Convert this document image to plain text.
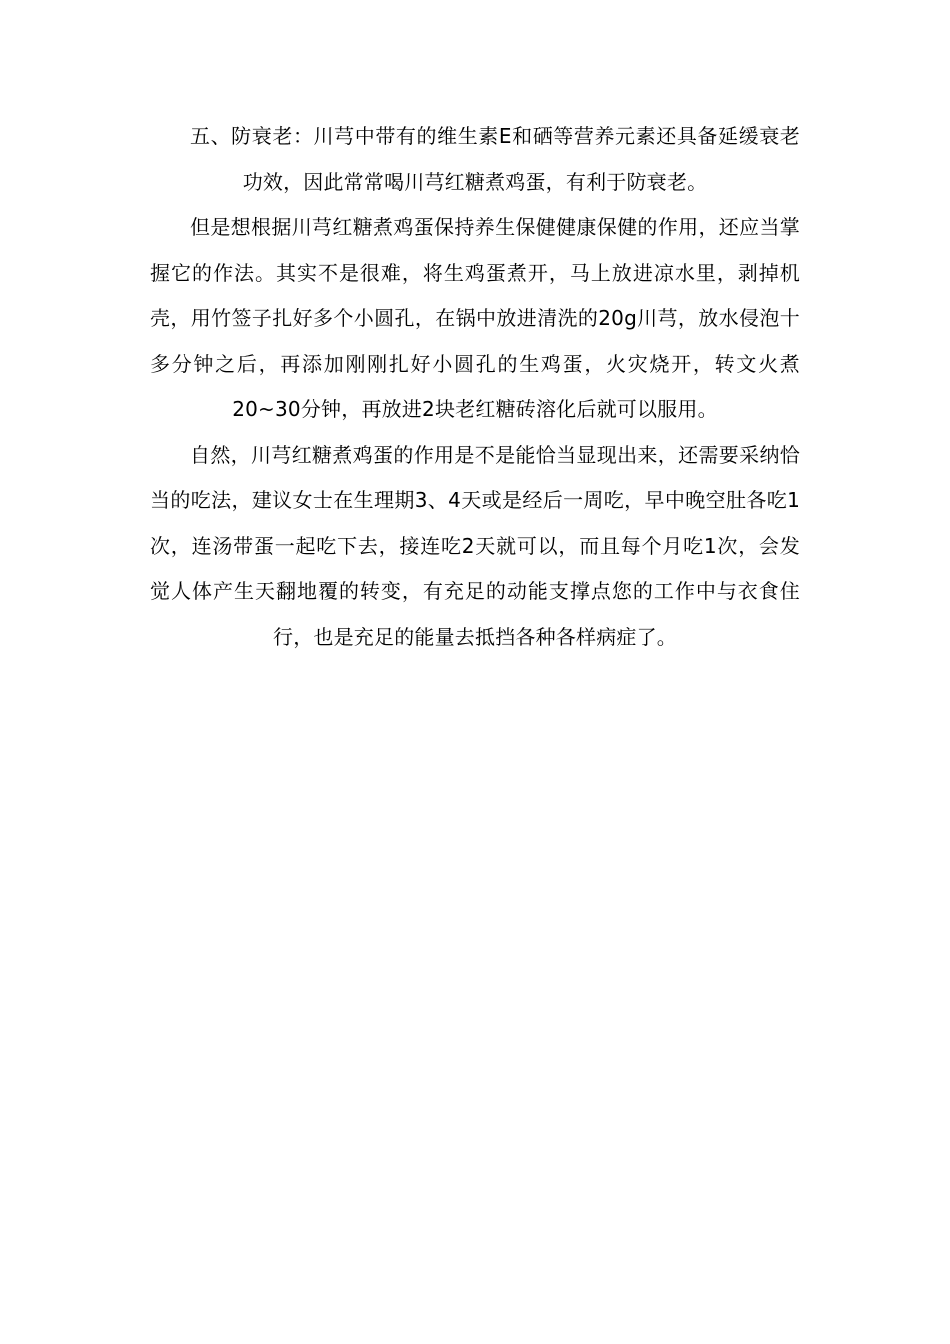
五、防衰老：川芎中带有的维生素E和硒等营养元素还具备延缓衰老功效，因此常常喝川芎红糖煮鸡蛋，有利于防衰老。

但是想根据川芎红糖煮鸡蛋保持养生保健健康保健的作用，还应当掌握它的作法。其实不是很难，将生鸡蛋煮开，马上放进凉水里，剥掉机壳，用竹签子扎好多个小圆孔，在锅中放进清洗的20g川芎，放水侵泡十多分钟之后，再添加刚刚扎好小圆孔的生鸡蛋，火灾烧开，转文火煮20~30分钟，再放进2块老红糖砖溶化后就可以服用。

自然，川芎红糖煮鸡蛋的作用是不是能恰当显现出来，还需要采纳恰当的吃法，建议女士在生理期3、4天或是经后一周吃，早中晚空肚各吃1次，连汤带蛋一起吃下去，接连吃2天就可以，而且每个月吃1次，会发觉人体产生天翻地覆的转变，有充足的动能支撑点您的工作中与衣食住行，也是充足的能量去抵挡各种各样病症了。
